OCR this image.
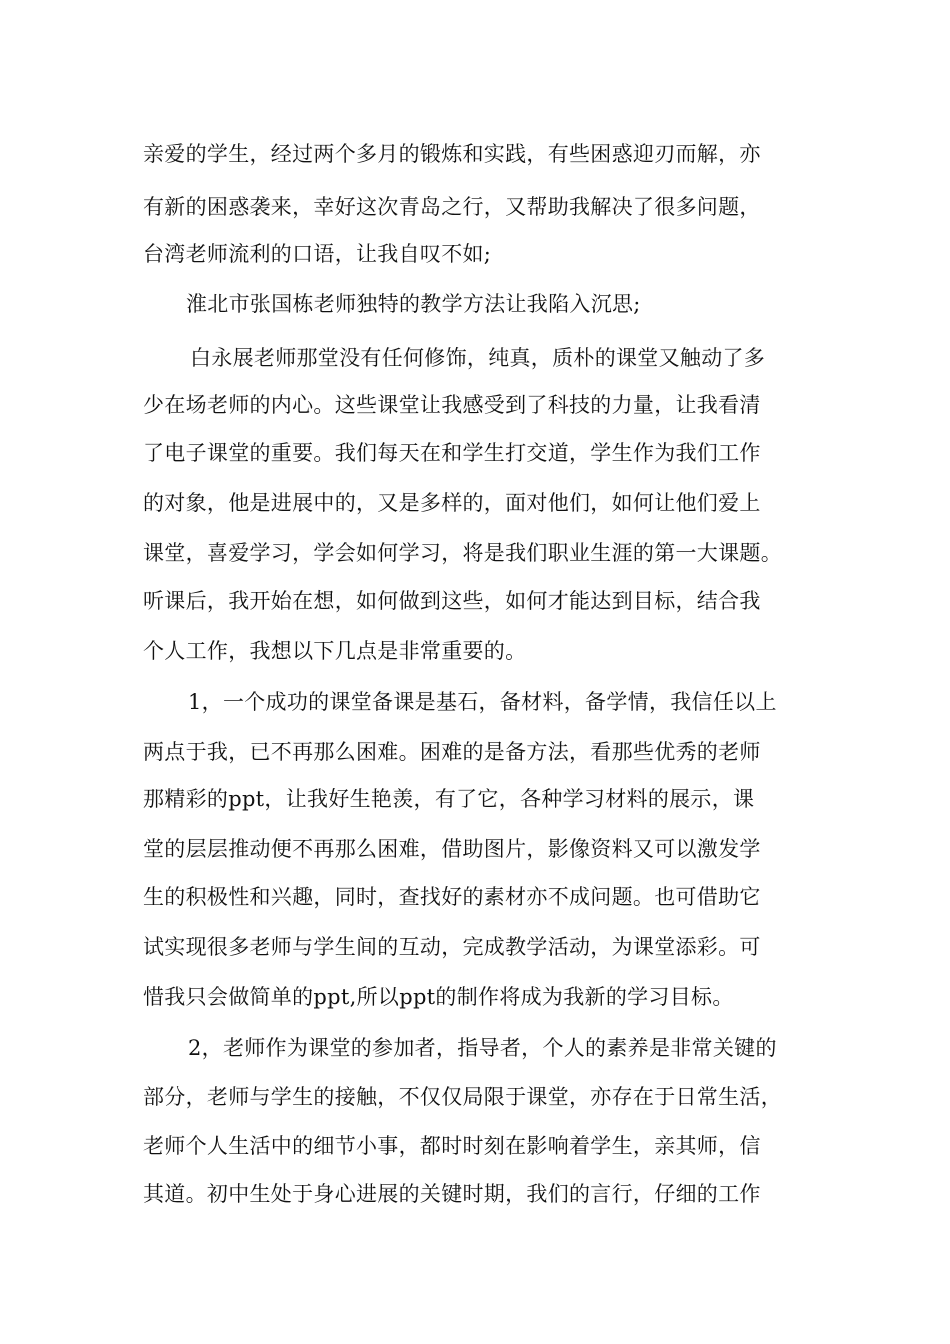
亲爱的学生，经过两个多月的锻炼和实践，有些困惑迎刃而解，亦
有新的困惑袭来，幸好这次青岛之行，又帮助我解决了很多问题，
台湾老师流利的口语，让我自叹不如;
淮北市张国栋老师独特的教学方法让我陷入沉思;
白永展老师那堂没有任何修饰，纯真，质朴的课堂又触动了多
少在场老师的内心。这些课堂让我感受到了科技的力量，让我看清
了电子课堂的重要。我们每天在和学生打交道，学生作为我们工作
的对象，他是进展中的，又是多样的，面对他们，如何让他们爱上
课堂，喜爱学习，学会如何学习，将是我们职业生涯的第一大课题。
听课后，我开始在想，如何做到这些，如何才能达到目标，结合我
个人工作，我想以下几点是非常重要的。
1，一个成功的课堂备课是基石，备材料，备学情，我信任以上
两点于我，已不再那么困难。困难的是备方法，看那些优秀的老师
那精彩的ppt，让我好生艳羡，有了它，各种学习材料的展示，课
堂的层层推动便不再那么困难，借助图片，影像资料又可以激发学
生的积极性和兴趣，同时，查找好的素材亦不成问题。也可借助它
试实现很多老师与学生间的互动，完成教学活动，为课堂添彩。可
惜我只会做简单的ppt,所以ppt的制作将成为我新的学习目标。
2，老师作为课堂的参加者，指导者，个人的素养是非常关键的
部分，老师与学生的接触，不仅仅局限于课堂，亦存在于日常生活，
老师个人生活中的细节小事，都时时刻在影响着学生，亲其师，信
其道。初中生处于身心进展的关键时期，我们的言行，仔细的工作
